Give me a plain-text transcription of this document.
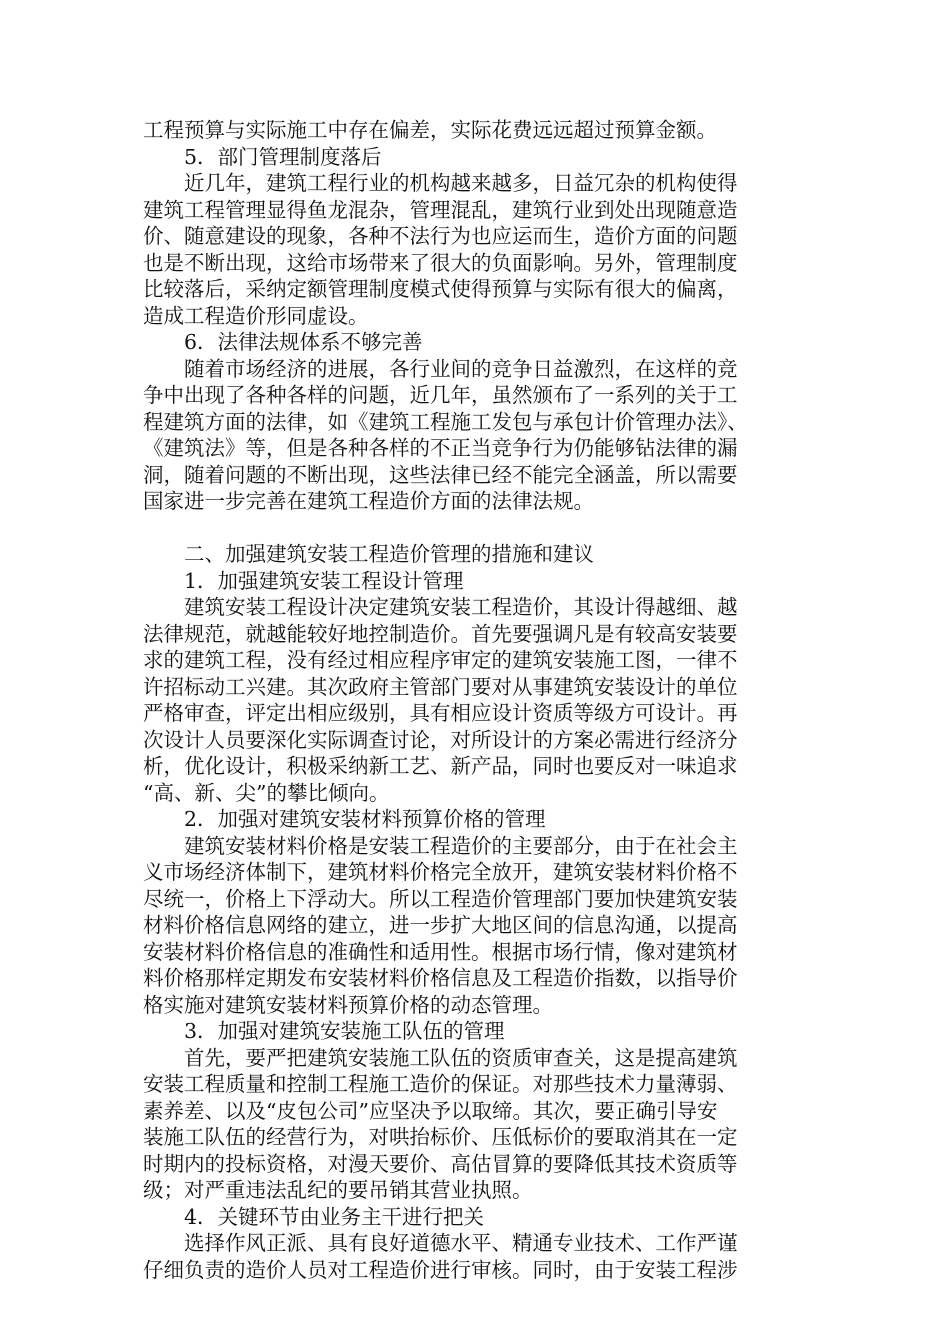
工程预算与实际施工中存在偏差，实际花费远远超过预算金额。
5．部门管理制度落后
近几年，建筑工程行业的机构越来越多，日益冗杂的机构使得
建筑工程管理显得鱼龙混杂，管理混乱，建筑行业到处出现随意造
价、随意建设的现象，各种不法行为也应运而生，造价方面的问题
也是不断出现，这给市场带来了很大的负面影响。另外，管理制度
比较落后，采纳定额管理制度模式使得预算与实际有很大的偏离，
造成工程造价形同虚设。
6．法律法规体系不够完善
随着市场经济的进展，各行业间的竞争日益激烈，在这样的竞
争中出现了各种各样的问题，近几年，虽然颁布了一系列的关于工
程建筑方面的法律，如《建筑工程施工发包与承包计价管理办法》、
《建筑法》等，但是各种各样的不正当竞争行为仍能够钻法律的漏
洞，随着问题的不断出现，这些法律已经不能完全涵盖，所以需要
国家进一步完善在建筑工程造价方面的法律法规。
二、加强建筑安装工程造价管理的措施和建议
1．加强建筑安装工程设计管理
建筑安装工程设计决定建筑安装工程造价，其设计得越细、越
法律规范，就越能较好地控制造价。首先要强调凡是有较高安装要
求的建筑工程，没有经过相应程序审定的建筑安装施工图，一律不
许招标动工兴建。其次政府主管部门要对从事建筑安装设计的单位
严格审查，评定出相应级别，具有相应设计资质等级方可设计。再
次设计人员要深化实际调查讨论，对所设计的方案必需进行经济分
析，优化设计，积极采纳新工艺、新产品，同时也要反对一味追求
“高、新、尖”的攀比倾向。
2．加强对建筑安装材料预算价格的管理
建筑安装材料价格是安装工程造价的主要部分，由于在社会主
义市场经济体制下，建筑材料价格完全放开，建筑安装材料价格不
尽统一，价格上下浮动大。所以工程造价管理部门要加快建筑安装
材料价格信息网络的建立，进一步扩大地区间的信息沟通，以提高
安装材料价格信息的准确性和适用性。根据市场行情，像对建筑材
料价格那样定期发布安装材料价格信息及工程造价指数，以指导价
格实施对建筑安装材料预算价格的动态管理。
3．加强对建筑安装施工队伍的管理
首先，要严把建筑安装施工队伍的资质审查关，这是提高建筑
安装工程质量和控制工程施工造价的保证。对那些技术力量薄弱、
素养差、以及“皮包公司”应坚决予以取缔。其次，要正确引导安
装施工队伍的经营行为，对哄抬标价、压低标价的要取消其在一定
时期内的投标资格，对漫天要价、高估冒算的要降低其技术资质等
级；对严重违法乱纪的要吊销其营业执照。
4．关键环节由业务主干进行把关
选择作风正派、具有良好道德水平、精通专业技术、工作严谨
仔细负责的造价人员对工程造价进行审核。同时，由于安装工程涉
